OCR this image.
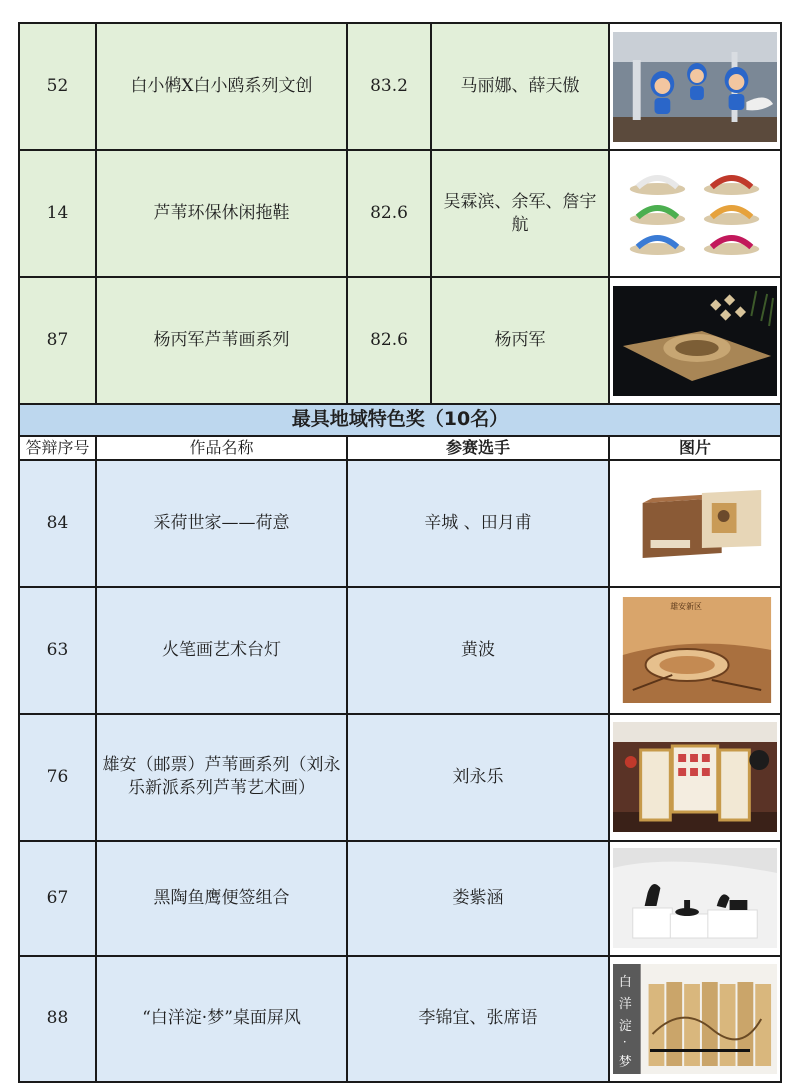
52	白小鸺X白小鸥系列文创	83.2	马丽娜、薛天傲	

14	芦苇环保休闲拖鞋	82.6	吴霖滨、余军、詹宇航	

87	杨丙军芦苇画系列	82.6	杨丙军	

最具地域特色奖（10名）				
答辩序号	作品名称	参赛选手		图片
84	采荷世家——荷意	辛城 、田月甫	

63	火笔画艺术台灯	黄波		雄安新区

76	雄安（邮票）芦苇画系列（刘永乐新派系列芦苇艺术画）	刘永乐	

67	黑陶鱼鹰便签组合	娄紫涵	

88	“白洋淀·梦”桌面屏风	李锦宜、张席语		白
洋
淀
·
梦
